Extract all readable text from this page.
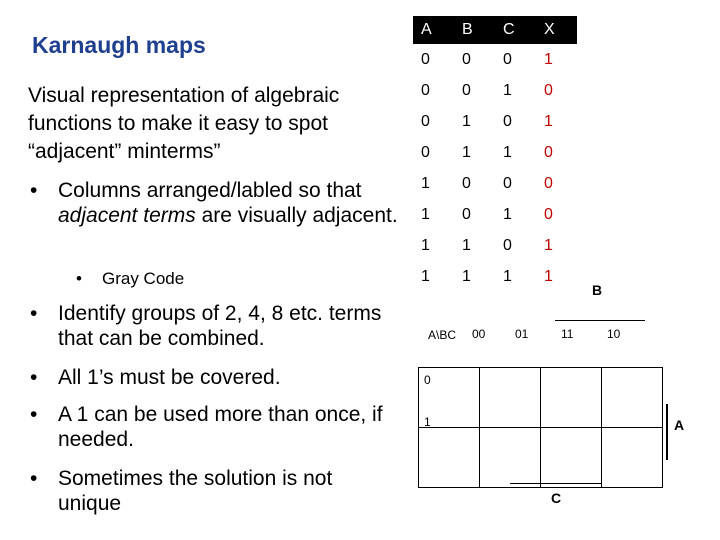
Karnaugh maps
Visual representation of algebraic functions to make it easy to spot “adjacent” minterms”
• Columns arranged/labled so that adjacent terms are visually adjacent.
•	Gray Code
• Identify groups of 2, 4, 8 etc. terms that can be combined.
• All 1’s must be covered.
• A 1 can be used more than once, if needed.
• Sometimes the solution is not unique
A	B	C	X
0	0	0	1
0	0	1	0
0	1	0	1
0	1	1	0
1	0	0	0
1	0	1	0
1	1	0	1
1	1	1	1
B
A\BC 00 01	11	10
0
1

				A
C
